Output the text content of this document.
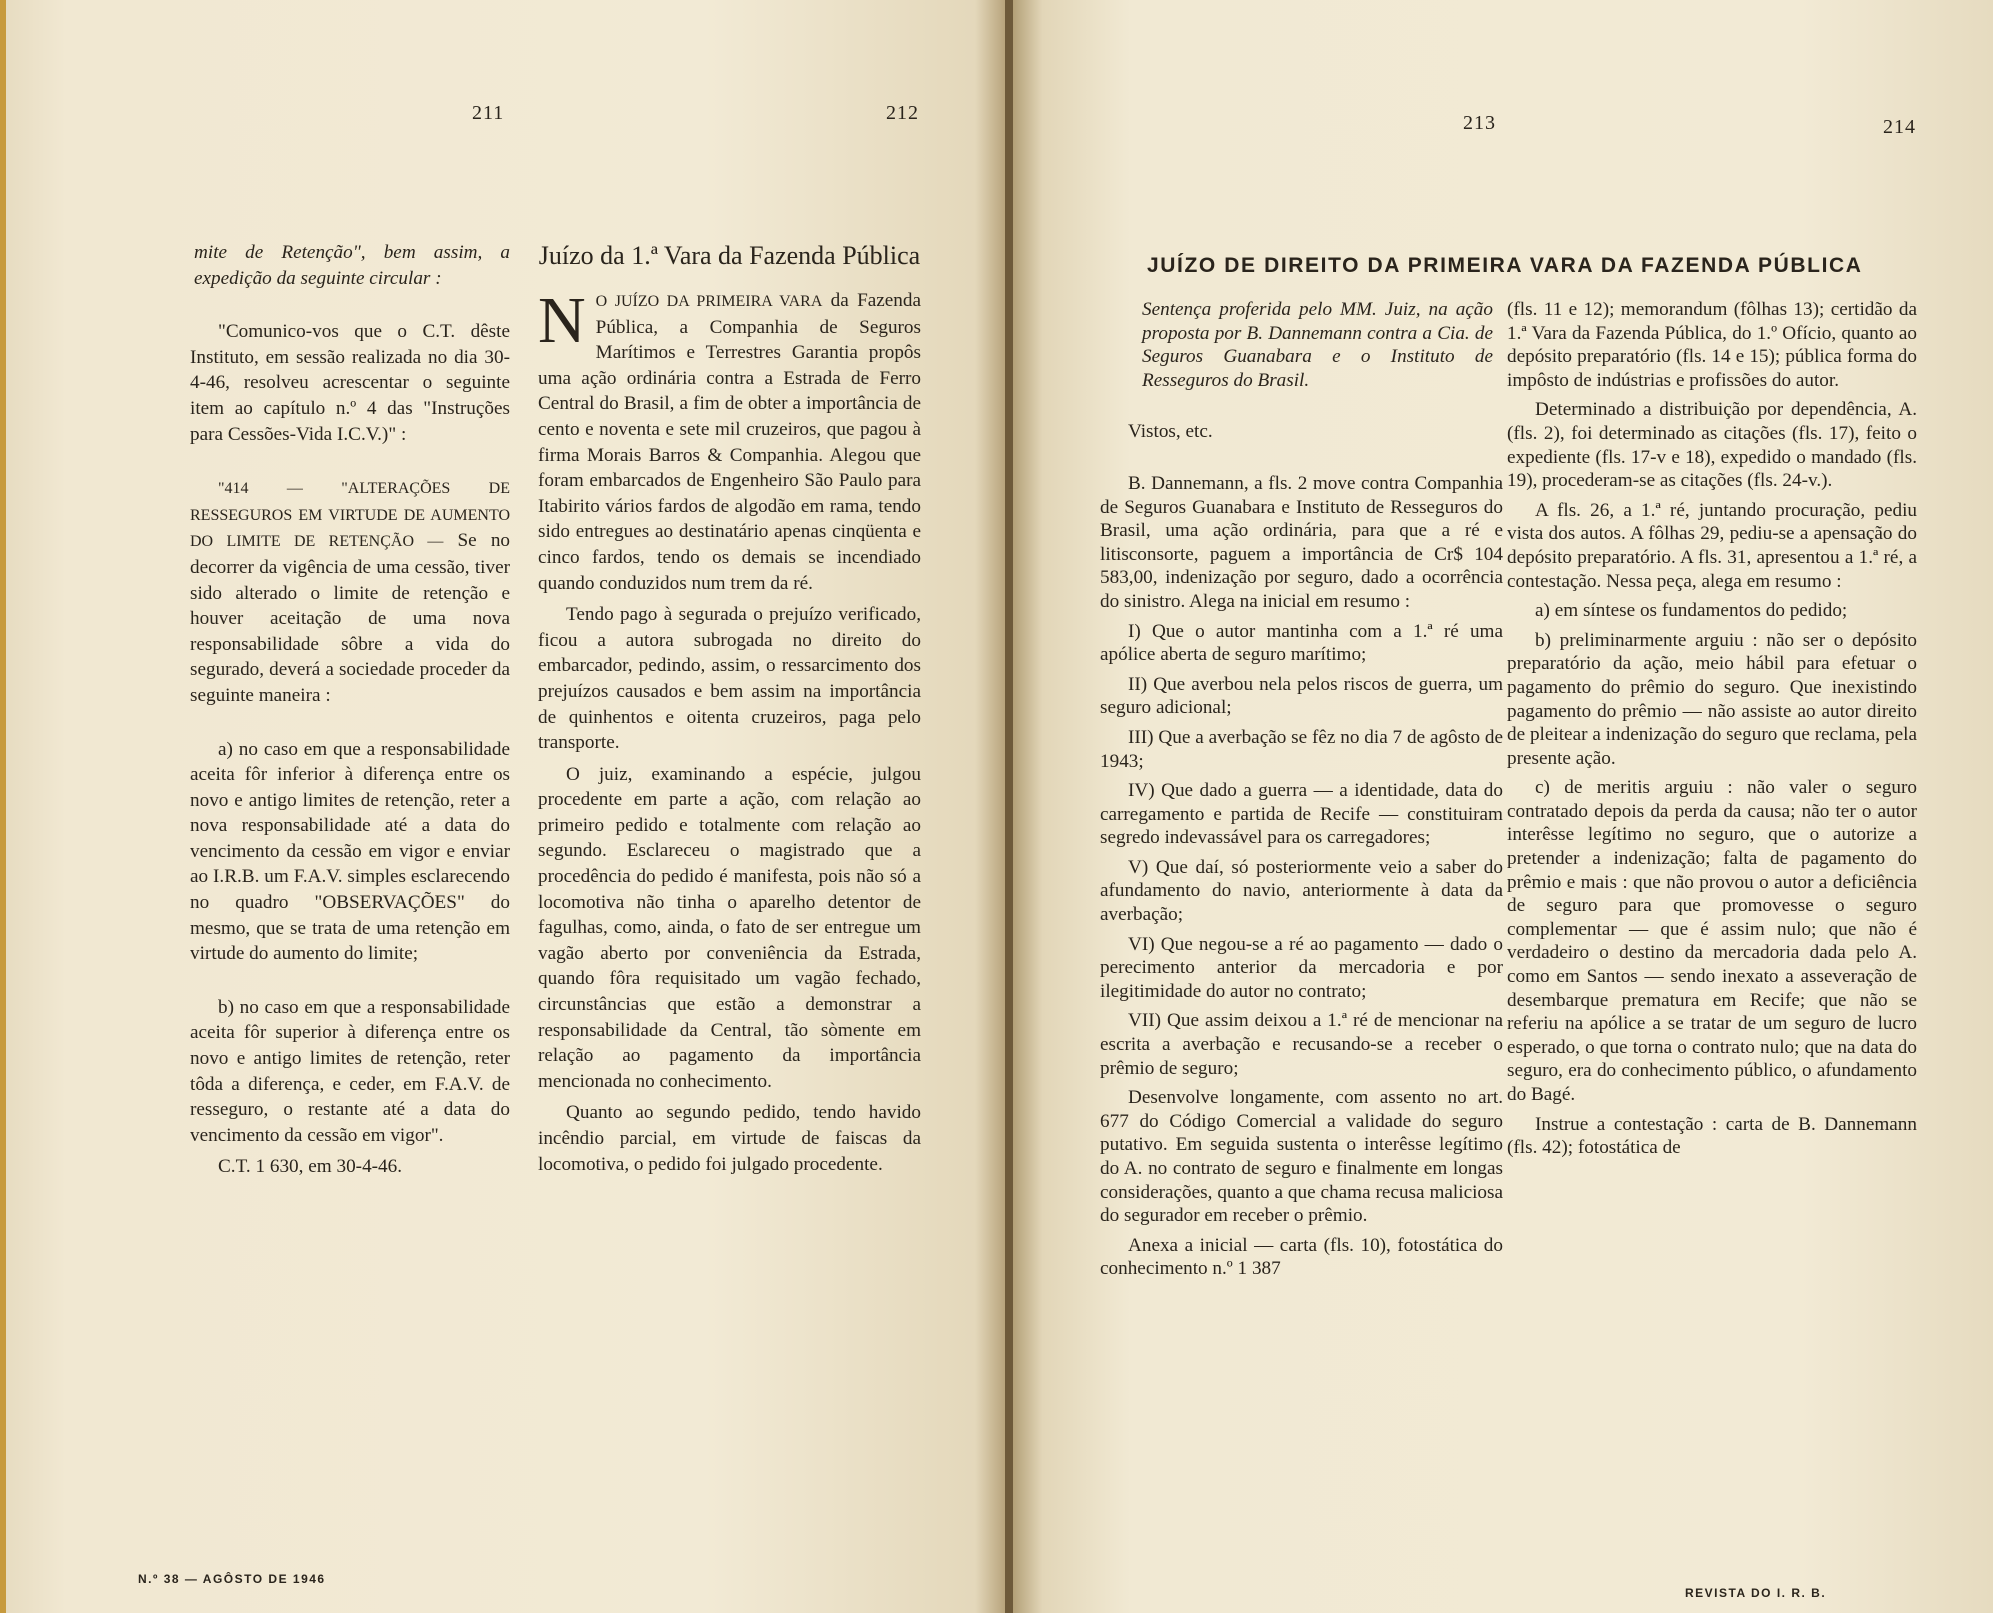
211	212

mite de Retenção", bem assim, a expedição da seguinte circular :

"Comunico-vos que o C.T. dêste Instituto, em sessão realizada no dia 30-4-46, resolveu acrescentar o seguinte item ao capítulo n.º 4 das "Instruções para Cessões-Vida I.C.V.)" :

"414 — "ALTERAÇÕES DE RESSEGUROS EM VIRTUDE DE AUMENTO DO LIMITE DE RETENÇÃO — Se no decorrer da vigência de uma cessão, tiver sido alterado o limite de retenção e houver aceitação de uma nova responsabilidade sôbre a vida do segurado, deverá a sociedade proceder da seguinte maneira :

a) no caso em que a responsabilidade aceita fôr inferior à diferença entre os novo e antigo limites de retenção, reter a nova responsabilidade até a data do vencimento da cessão em vigor e enviar ao I.R.B. um F.A.V. simples esclarecendo no quadro "OBSERVAÇÕES" do mesmo, que se trata de uma retenção em virtude do aumento do limite;

b) no caso em que a responsabilidade aceita fôr superior à diferença entre os novo e antigo limites de retenção, reter tôda a diferença, e ceder, em F.A.V. de resseguro, o restante até a data do vencimento da cessão em vigor".

C.T. 1 630, em 30-4-46.

Juízo da 1.ª Vara da Fazenda Pública

N O JUÍZO DA PRIMEIRA VARA da Fazenda Pública, a Companhia de Seguros Marítimos e Terrestres Garantia propôs uma ação ordinária contra a Estrada de Ferro Central do Brasil, a fim de obter a importância de cento e noventa e sete mil cruzeiros, que pagou à firma Morais Barros & Companhia. Alegou que foram embarcados de Engenheiro São Paulo para Itabirito vários fardos de algodão em rama, tendo sido entregues ao destinatário apenas cinqüenta e cinco fardos, tendo os demais se incendiado quando conduzidos num trem da ré.

Tendo pago à segurada o prejuízo verificado, ficou a autora subrogada no direito do embarcador, pedindo, assim, o ressarcimento dos prejuízos causados e bem assim na importância de quinhentos e oitenta cruzeiros, paga pelo transporte.

O juiz, examinando a espécie, julgou procedente em parte a ação, com relação ao primeiro pedido e totalmente com relação ao segundo. Esclareceu o magistrado que a procedência do pedido é manifesta, pois não só a locomotiva não tinha o aparelho detentor de fagulhas, como, ainda, o fato de ser entregue um vagão aberto por conveniência da Estrada, quando fôra requisitado um vagão fechado, circunstâncias que estão a demonstrar a responsabilidade da Central, tão sòmente em relação ao pagamento da importância mencionada no conhecimento.

Quanto ao segundo pedido, tendo havido incêndio parcial, em virtude de faiscas da locomotiva, o pedido foi julgado procedente.

N.º 38 — AGÔSTO DE 1946
213	214
JUÍZO DE DIREITO DA PRIMEIRA VARA DA FAZENDA PÚBLICA

Sentença proferida pelo MM. Juiz, na ação proposta por B. Dannemann contra a Cia. de Seguros Guanabara e o Instituto de Resseguros do Brasil.

Vistos, etc.

B. Dannemann, a fls. 2 move contra Companhia de Seguros Guanabara e Instituto de Resseguros do Brasil, uma ação ordinária, para que a ré e litisconsorte, paguem a importância de Cr$ 104 583,00, indenização por seguro, dado a ocorrência do sinistro. Alega na inicial em resumo :

I) Que o autor mantinha com a 1.ª ré uma apólice aberta de seguro marítimo;

II) Que averbou nela pelos riscos de guerra, um seguro adicional;

III) Que a averbação se fêz no dia 7 de agôsto de 1943;

IV) Que dado a guerra — a identidade, data do carregamento e partida de Recife — constituiram segredo indevassável para os carregadores;

V) Que daí, só posteriormente veio a saber do afundamento do navio, anteriormente à data da averbação;

VI) Que negou-se a ré ao pagamento — dado o perecimento anterior da mercadoria e por ilegitimidade do autor no contrato;

VII) Que assim deixou a 1.ª ré de mencionar na escrita a averbação e recusando-se a receber o prêmio de seguro;

Desenvolve longamente, com assento no art. 677 do Código Comercial a validade do seguro putativo. Em seguida sustenta o interêsse legítimo do A. no contrato de seguro e finalmente em longas considerações, quanto a que chama recusa maliciosa do segurador em receber o prêmio.

Anexa a inicial — carta (fls. 10), fotostática do conhecimento n.º 1 387

(fls. 11 e 12); memorandum (fôlhas 13); certidão da 1.ª Vara da Fazenda Pública, do 1.º Ofício, quanto ao depósito preparatório (fls. 14 e 15); pública forma do impôsto de indústrias e profissões do autor.

Determinado a distribuição por dependência, A. (fls. 2), foi determinado as citações (fls. 17), feito o expediente (fls. 17-v e 18), expedido o mandado (fls. 19), procederam-se as citações (fls. 24-v.).

A fls. 26, a 1.ª ré, juntando procuração, pediu vista dos autos. A fôlhas 29, pediu-se a apensação do depósito preparatório. A fls. 31, apresentou a 1.ª ré, a contestação. Nessa peça, alega em resumo :

a) em síntese os fundamentos do pedido;

b) preliminarmente arguiu : não ser o depósito preparatório da ação, meio hábil para efetuar o pagamento do prêmio do seguro. Que inexistindo pagamento do prêmio — não assiste ao autor direito de pleitear a indenização do seguro que reclama, pela presente ação.

c) de meritis arguiu : não valer o seguro contratado depois da perda da causa; não ter o autor interêsse legítimo no seguro, que o autorize a pretender a indenização; falta de pagamento do prêmio e mais : que não provou o autor a deficiência de seguro para que promovesse o seguro complementar — que é assim nulo; que não é verdadeiro o destino da mercadoria dada pelo A. como em Santos — sendo inexato a asseveração de desembarque prematura em Recife; que não se referiu na apólice a se tratar de um seguro de lucro esperado, o que torna o contrato nulo; que na data do seguro, era do conhecimento público, o afundamento do Bagé.

Instrue a contestação : carta de B. Dannemann (fls. 42); fotostática de

REVISTA DO I. R. B.
